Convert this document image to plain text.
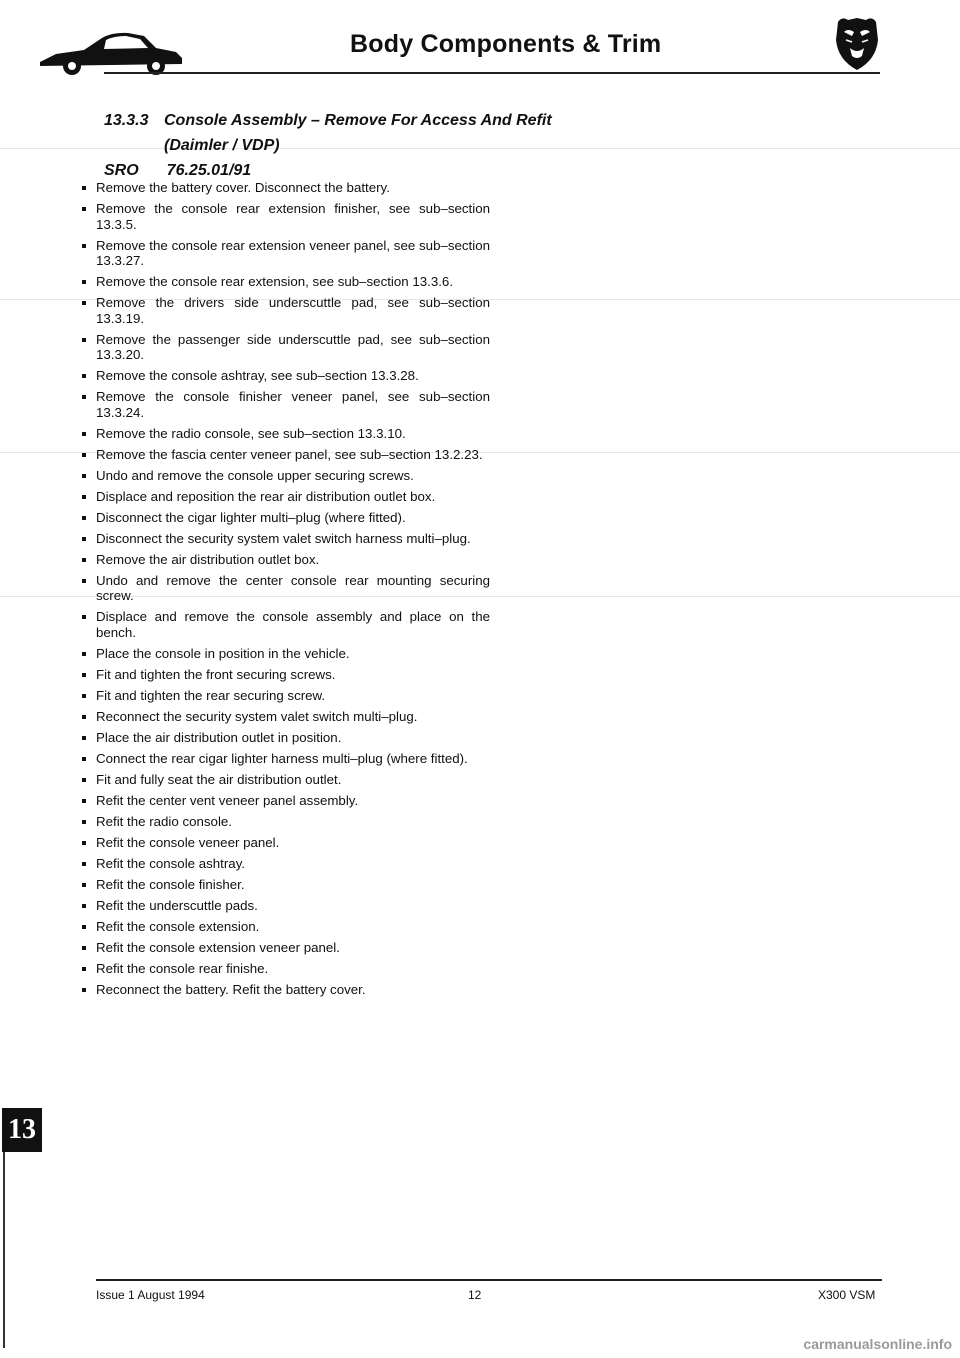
Body Components & Trim
13.3.3 Console Assembly – Remove For Access And Refit (Daimler / VDP)
SRO 76.25.01/91
Remove the battery cover. Disconnect the battery.
Remove the console rear extension finisher, see sub–section 13.3.5.
Remove the console rear extension veneer panel, see sub–section 13.3.27.
Remove the console rear extension, see sub–section 13.3.6.
Remove the drivers side underscuttle pad, see sub–section 13.3.19.
Remove the passenger side underscuttle pad, see sub–section 13.3.20.
Remove the console ashtray, see sub–section 13.3.28.
Remove the console finisher veneer panel, see sub–section 13.3.24.
Remove the radio console, see sub–section 13.3.10.
Remove the fascia center veneer panel, see sub–section 13.2.23.
Undo and remove the console upper securing screws.
Displace and reposition the rear air distribution outlet box.
Disconnect the cigar lighter multi–plug (where fitted).
Disconnect the security system valet switch harness multi–plug.
Remove the air distribution outlet box.
Undo and remove the center console rear mounting securing screw.
Displace and remove the console assembly and place on the bench.
Place the console in position in the vehicle.
Fit and tighten the front securing screws.
Fit and tighten the rear securing screw.
Reconnect the security system valet switch multi–plug.
Place the air distribution outlet in position.
Connect the rear cigar lighter harness multi–plug (where fitted).
Fit and fully seat the air distribution outlet.
Refit the center vent veneer panel assembly.
Refit the radio console.
Refit the console veneer panel.
Refit the console ashtray.
Refit the console finisher.
Refit the underscuttle pads.
Refit the console extension.
Refit the console extension veneer panel.
Refit the console rear finishe.
Reconnect the battery. Refit the battery cover.
13
Issue 1 August 1994	12	X300 VSM
carmanualsonline.info
